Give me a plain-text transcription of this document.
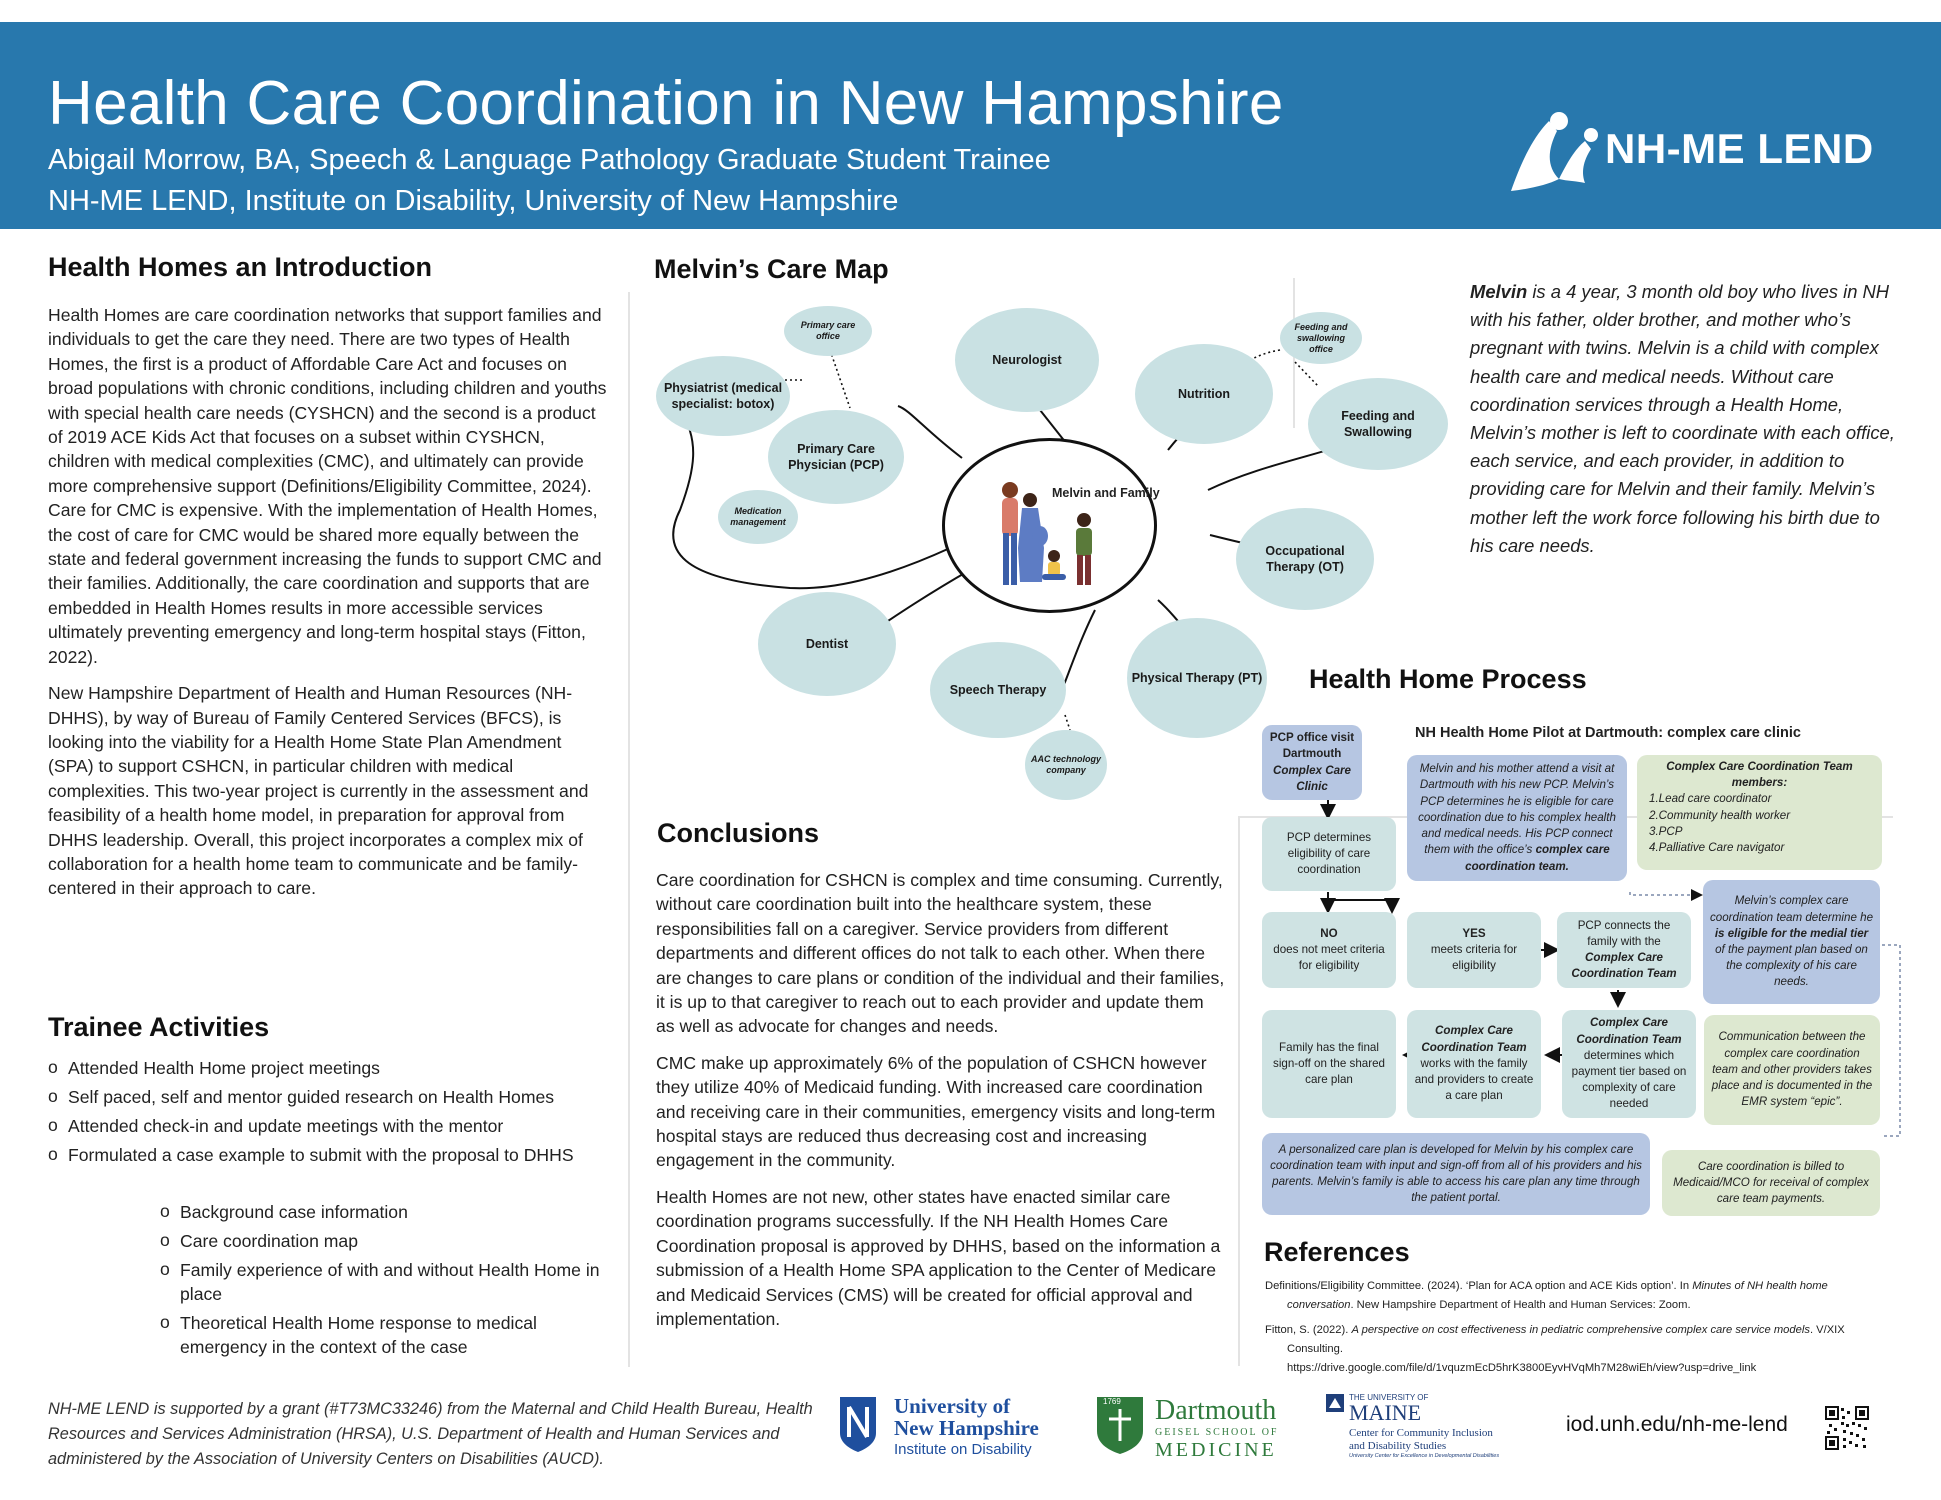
Health Care Coordination in New Hampshire
Abigail Morrow, BA, Speech & Language Pathology Graduate Student Trainee
NH-ME LEND, Institute on Disability, University of New Hampshire
NH-ME LEND
Health Homes an Introduction

Health Homes are care coordination networks that support families and individuals to get the care they need. There are two types of Health Homes, the first is a product of Affordable Care Act and focuses on broad populations with chronic conditions, including children and youths with special health care needs (CYSHCN) and the second is a product of 2019 ACE Kids Act that focuses on a subset within CYSHCN, children with medical complexities (CMC), and ultimately can provide more comprehensive support (Definitions/Eligibility Committee, 2024). Care for CMC is expensive. With the implementation of Health Homes, the cost of care for CMC would be shared more equally between the state and federal government increasing the funds to support CMC and their families. Additionally, the care coordination and supports that are embedded in Health Homes results in more accessible services ultimately preventing emergency and long-term hospital stays (Fitton, 2022).

New Hampshire Department of Health and Human Resources (NH-DHHS), by way of Bureau of Family Centered Services (BFCS), is looking into the viability for a Health Home State Plan Amendment (SPA) to support CSHCN, in particular children with medical complexities. This two-year project is currently in the assessment and feasibility of a health home model, in preparation for approval from DHHS leadership. Overall, this project incorporates a complex mix of collaboration for a health home team to communicate and be family-centered in their approach to care.

Trainee Activities
o Attended Health Home project meetings
o Self paced, self and mentor guided research on Health Homes
o Attended check-in and update meetings with the mentor
o Formulated a case example to submit with the proposal to DHHS
o Background case information
o Care coordination map
o Family experience of with and without Health Home in place
o Theoretical Health Home response to medical emergency in the context of the case
Melvin’s Care Map
Primary care office
Physiatrist (medical specialist: botox)
Neurologist
Nutrition
Feeding and swallowing office
Feeding and Swallowing
Primary Care Physician (PCP)
Medication management
Melvin and Family
Occupational Therapy (OT)
Physical Therapy (PT)
Dentist
Speech Therapy
AAC technology company
Melvin is a 4 year, 3 month old boy who lives in NH with his father, older brother, and mother who’s pregnant with twins. Melvin is a child with complex health care and medical needs. Without care coordination services through a Health Home, Melvin’s mother is left to coordinate with each office, each service, and each provider, in addition to providing care for Melvin and their family. Melvin’s mother left the work force following his birth due to his care needs.
Conclusions

Care coordination for CSHCN is complex and time consuming. Currently, without care coordination built into the healthcare system, these responsibilities fall on a caregiver. Service providers from different departments and different offices do not talk to each other. When there are changes to care plans or condition of the individual and their families, it is up to that caregiver to reach out to each provider and update them as well as advocate for changes and needs.

CMC make up approximately 6% of the population of CSHCN however they utilize 40% of Medicaid funding. With increased care coordination and receiving care in their communities, emergency visits and long-term hospital stays are reduced thus decreasing cost and increasing engagement in the community.

Health Homes are not new, other states have enacted similar care coordination programs successfully. If the NH Health Homes Care Coordination proposal is approved by DHHS, based on the information a submission of a Health Home SPA application to the Center of Medicare and Medicaid Services (CMS) will be created for official approval and implementation.

Health Home Process
NH Health Home Pilot at Dartmouth: complex care clinic
PCP office visit Dartmouth
Complex Care Clinic
Melvin and his mother attend a visit at Dartmouth with his new PCP. Melvin’s PCP determines he is eligible for care coordination due to his complex health and medical needs. His PCP connect them with the office’s complex care coordination team.
Complex Care Coordination Team members:
1.Lead care coordinator
2.Community health worker
3.PCP
4.Palliative Care navigator
PCP determines eligibility of care coordination
Melvin’s complex care coordination team determine he is eligible for the medial tier of the payment plan based on the complexity of his care needs.
NO
does not meet criteria for eligibility
YES
meets criteria for eligibility
PCP connects the family with the
Complex Care Coordination Team
Family has the final sign-off on the shared care plan
Complex Care Coordination Team
works with the family and providers to create a care plan
Complex Care Coordination Team
determines which payment tier based on complexity of care needed
Communication between the complex care coordination team and other providers takes place and is documented in the EMR system “epic”.
A personalized care plan is developed for Melvin by his complex care coordination team with input and sign-off from all of his providers and his parents. Melvin’s family is able to access his care plan any time through the patient portal.
Care coordination is billed to Medicaid/MCO for receival of complex care team payments.
References
Definitions/Eligibility Committee. (2024). ‘Plan for ACA option and ACE Kids option’. In Minutes of NH health home conversation. New Hampshire Department of Health and Human Services: Zoom.
Fitton, S. (2022). A perspective on cost effectiveness in pediatric comprehensive complex care service models. V/XIX Consulting.
https://drive.google.com/file/d/1vquzmEcD5hrK3800EyvHVqMh7M28wiEh/view?usp=drive_link
NH-ME LEND is supported by a grant (#T73MC33246) from the Maternal and Child Health Bureau, Health Resources and Services Administration (HRSA), U.S. Department of Health and Human Services and administered by the Association of University Centers on Disabilities (AUCD).
University of
New Hampshire
Institute on Disability
1769 Dartmouth
GEISEL SCHOOL OF
MEDICINE
THE UNIVERSITY OF
MAINE
Center for Community Inclusion
and Disability Studies
University Center for Excellence in Developmental Disabilities
iod.unh.edu/nh-me-lend
